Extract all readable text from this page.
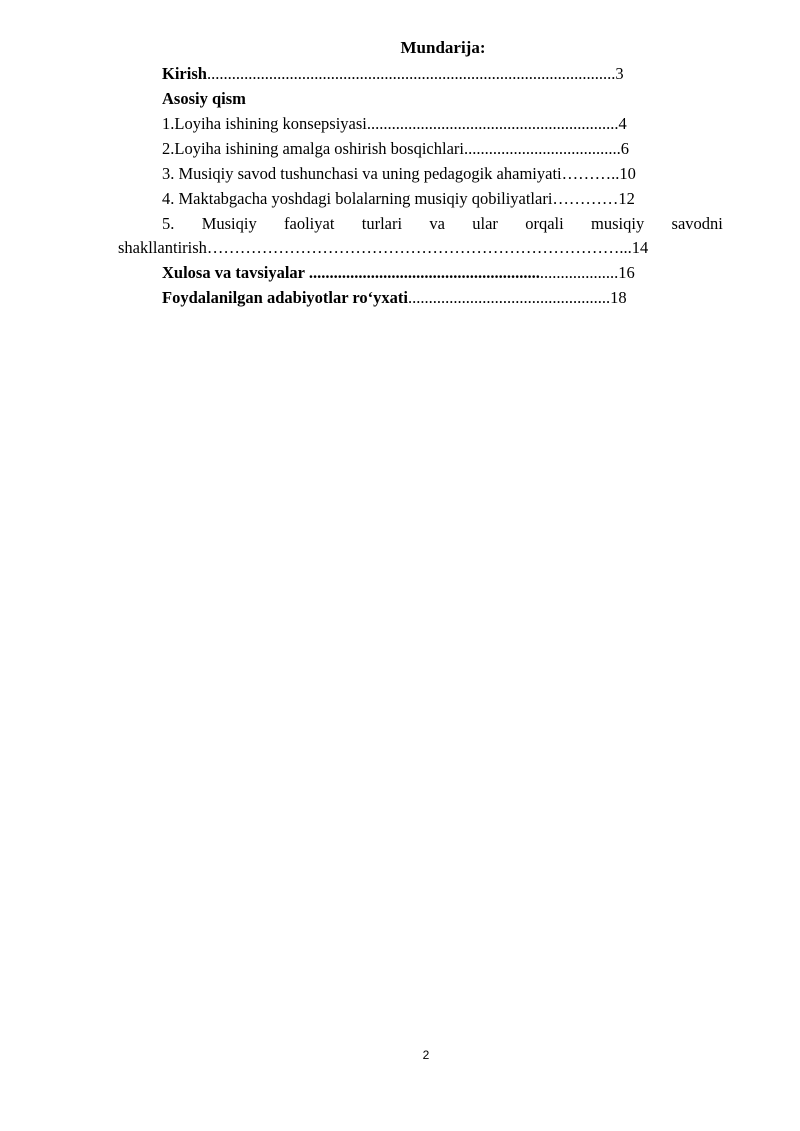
Mundarija:
Kirish...................................................................................................3
Asosiy qism
1.Loyiha ishining konsepsiyasi.............................................................4
2.Loyiha ishining amalga oshirish bosqichlari......................................6
3. Musiqiy savod tushunchasi va uning pedagogik ahamiyati………..10
4. Maktabgacha yoshdagi bolalarning musiqiy qobiliyatlari…………12
5. Musiqiy faoliyat turlari va ular orqali musiqiy savodni
shakllantirish…………………………………………………………………...14
Xulosa va tavsiyalar ...........................................................................16
Foydalanilgan adabiyotlar ro‘yxati.................................................18
2
